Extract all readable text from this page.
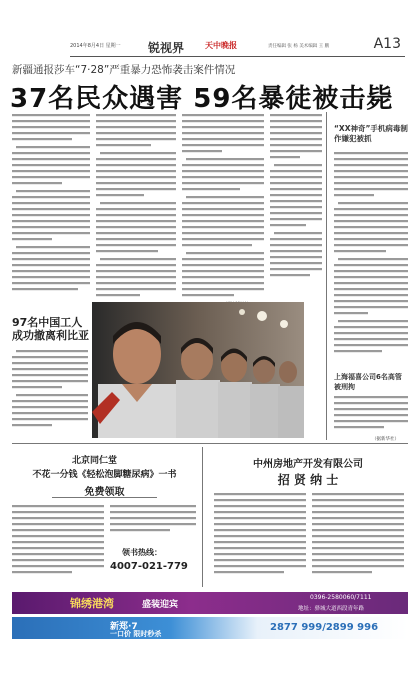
2014年8月4日 星期一 锐视界	天中晚报	责任编辑 张 杨 美术编辑 王 鹏	A13
新疆通报莎车“7·28”严重暴力恐怖袭击案件情况
37名民众遇害 59名暴徒被击毙
“XX神奇”手机病毒制作嫌犯被抓
上海福喜公司6名高管被刑拘
（据新华社）
97名中国工人成功撤离利比亚
北京同仁堂
不花一分钱《轻松泡脚糖尿病》一书
免费领取
领书热线：
4007-021-779
中州房地产开发有限公司
招 贤 纳 士
锦绣港湾	盛装迎宾
0396-2580060/7111
地址：驿城大道西段青年路
新郑·7
一口价 限时秒杀
2877 999/2899 996
